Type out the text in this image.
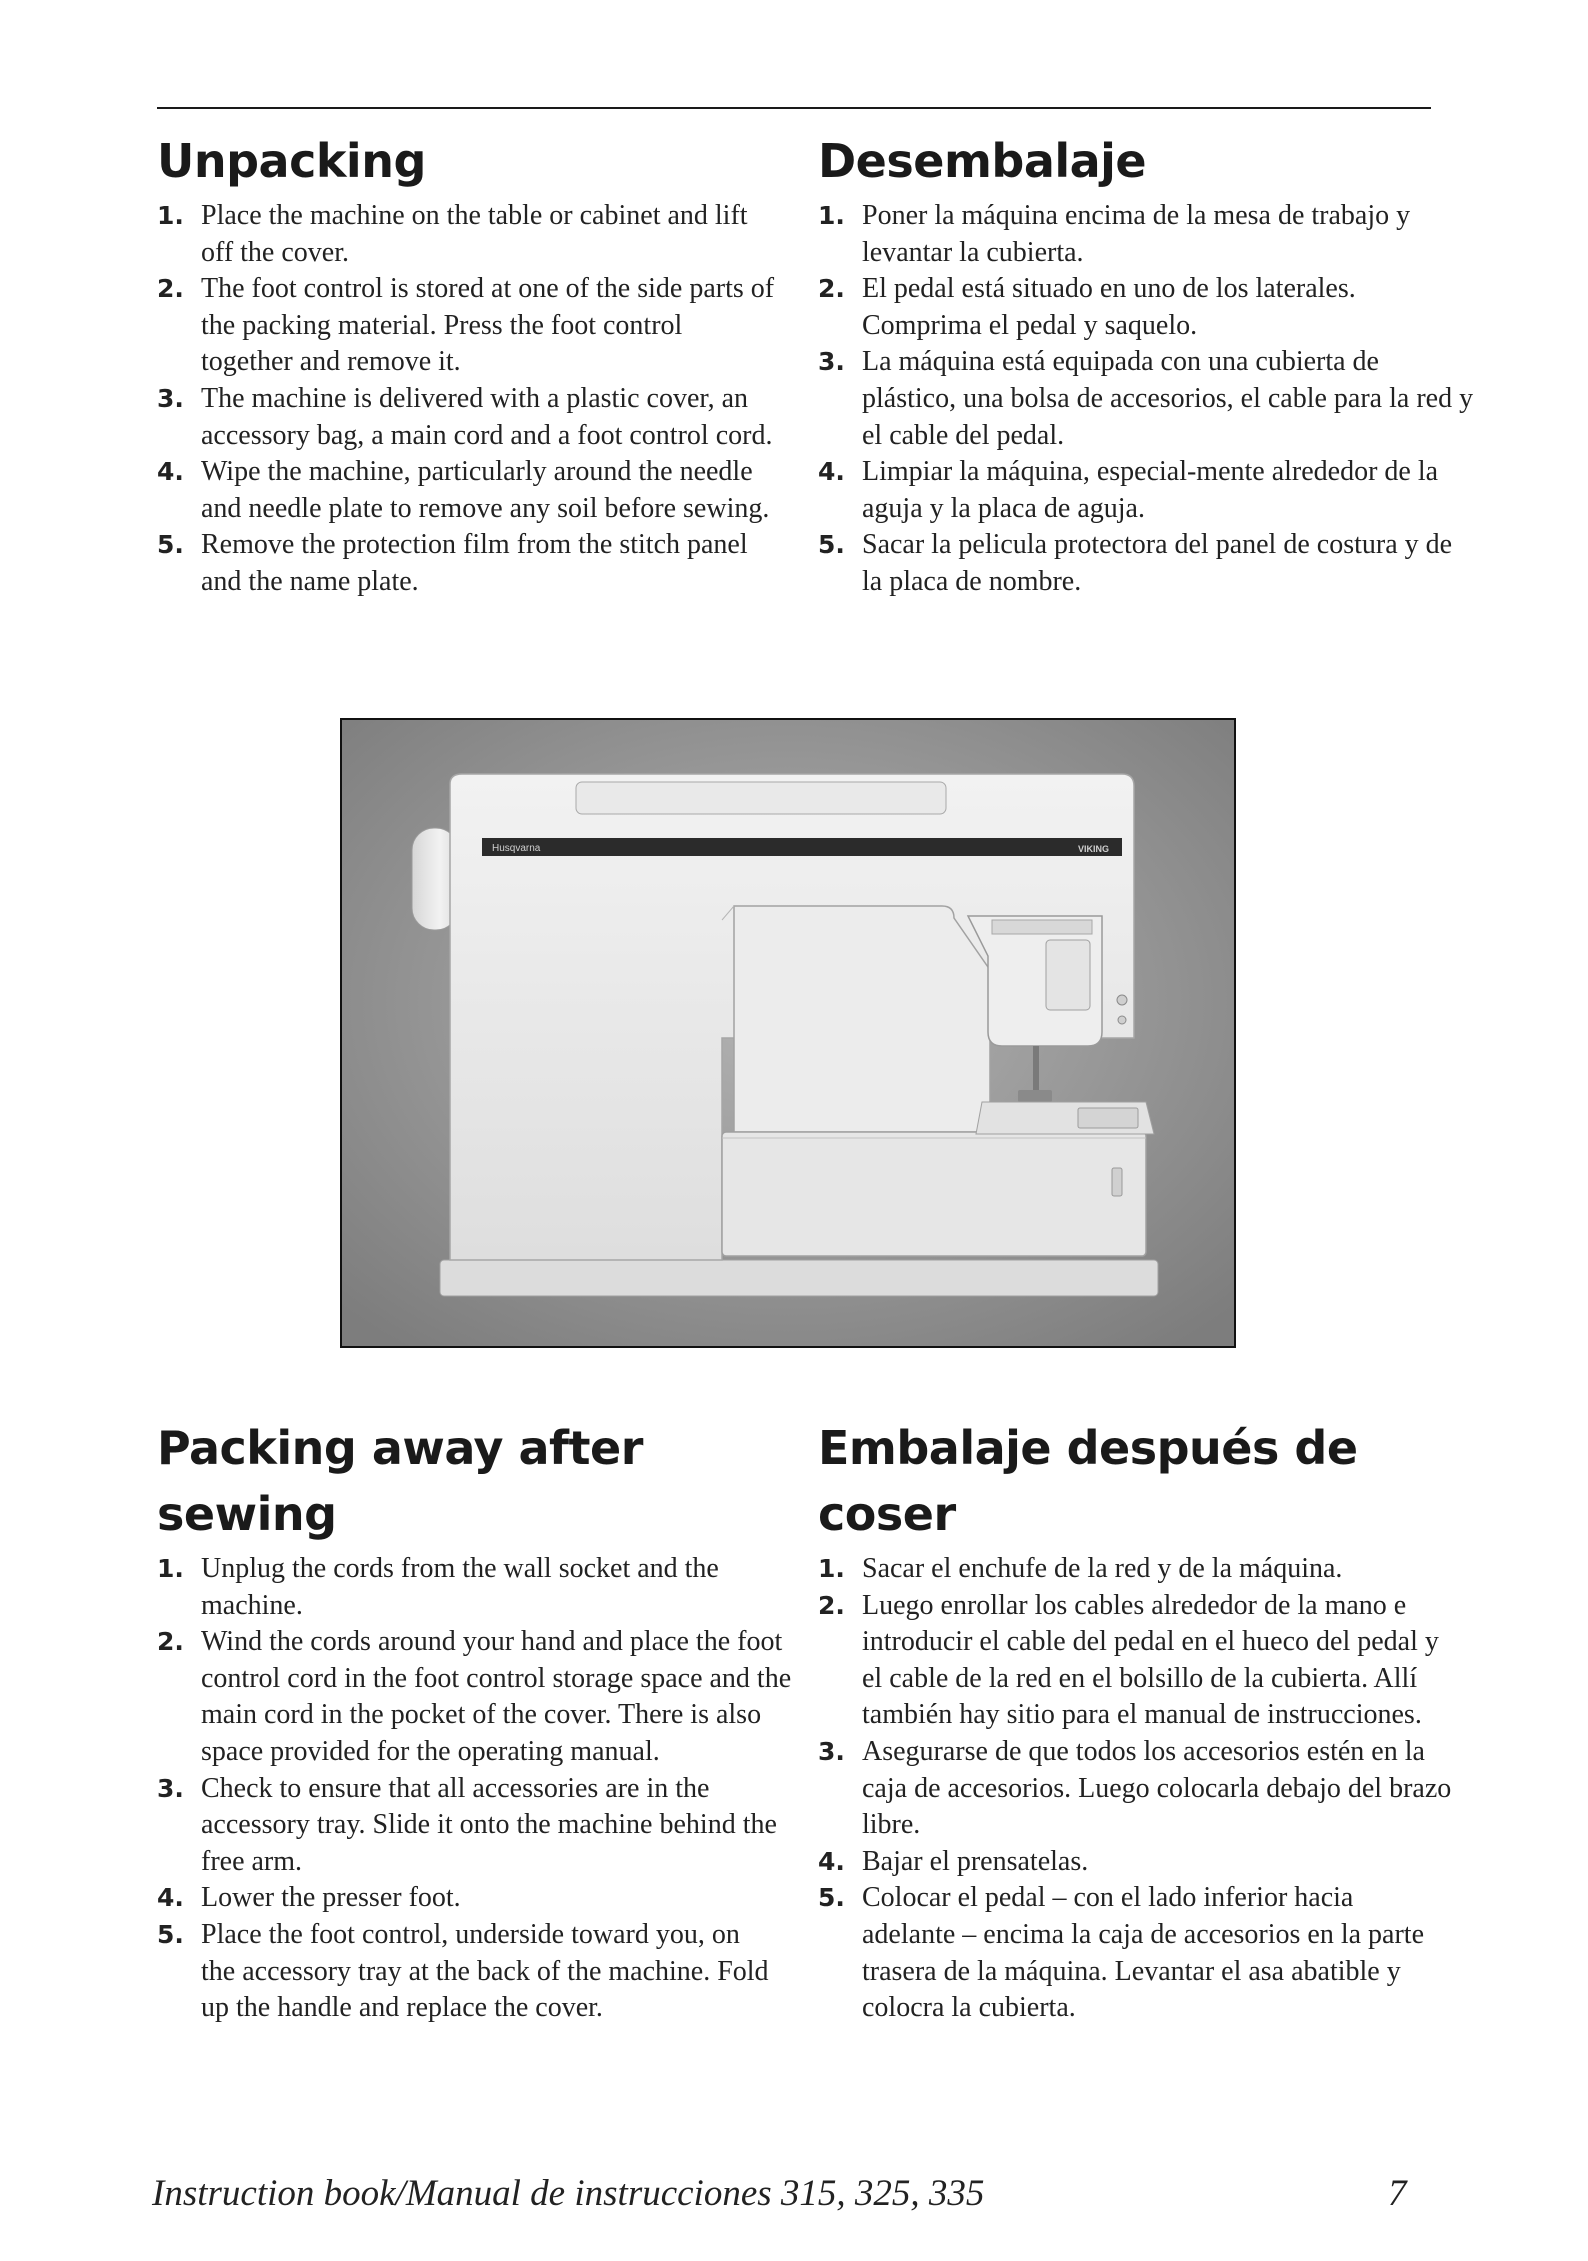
Unpacking
1. Place the machine on the table or cabinet and lift off the cover.
2. The foot control is stored at one of the side parts of the packing material. Press the foot control together and remove it.
3. The machine is delivered with a plastic cover, an accessory bag, a main cord and a foot control cord.
4. Wipe the machine, particularly around the needle and needle plate to remove any soil before sewing.
5. Remove the protection film from the stitch panel and the name plate.
Desembalaje
1. Poner la máquina encima de la mesa de trabajo y levantar la cubierta.
2. El pedal está situado en uno de los laterales. Comprima el pedal y saquelo.
3. La máquina está equipada con una cubierta de plástico, una bolsa de accesorios, el cable para la red y el cable del pedal.
4. Limpiar la máquina, especial-mente alrededor de la aguja y la placa de aguja.
5. Sacar la pelicula protectora del panel de costura y de la placa de nombre.
Husqvarna	VIKING
Packing away after sewing
1. Unplug the cords from the wall socket and the machine.
2. Wind the cords around your hand and place the foot control cord in the foot control storage space and the main cord in the pocket of the cover. There is also space provided for the operating manual.
3. Check to ensure that all accessories are in the accessory tray. Slide it onto the machine behind the free arm.
4. Lower the presser foot.
5. Place the foot control, underside toward you, on the accessory tray at the back of the machine. Fold up the handle and replace the cover.
Embalaje después de coser
1. Sacar el enchufe de la red y de la máquina.
2. Luego enrollar los cables alrededor de la mano e introducir el cable del pedal en el hueco del pedal y el cable de la red en el bolsillo de la cubierta. Allí también hay sitio para el manual de instrucciones.
3. Asegurarse de que todos los accesorios estén en la caja de accesorios. Luego colocarla debajo del brazo libre.
4. Bajar el prensatelas.
5. Colocar el pedal – con el lado inferior hacia adelante – encima la caja de accesorios en la parte trasera de la máquina. Levantar el asa abatible y colocra la cubierta.
Instruction book/Manual de instrucciones 315, 325, 335	7
